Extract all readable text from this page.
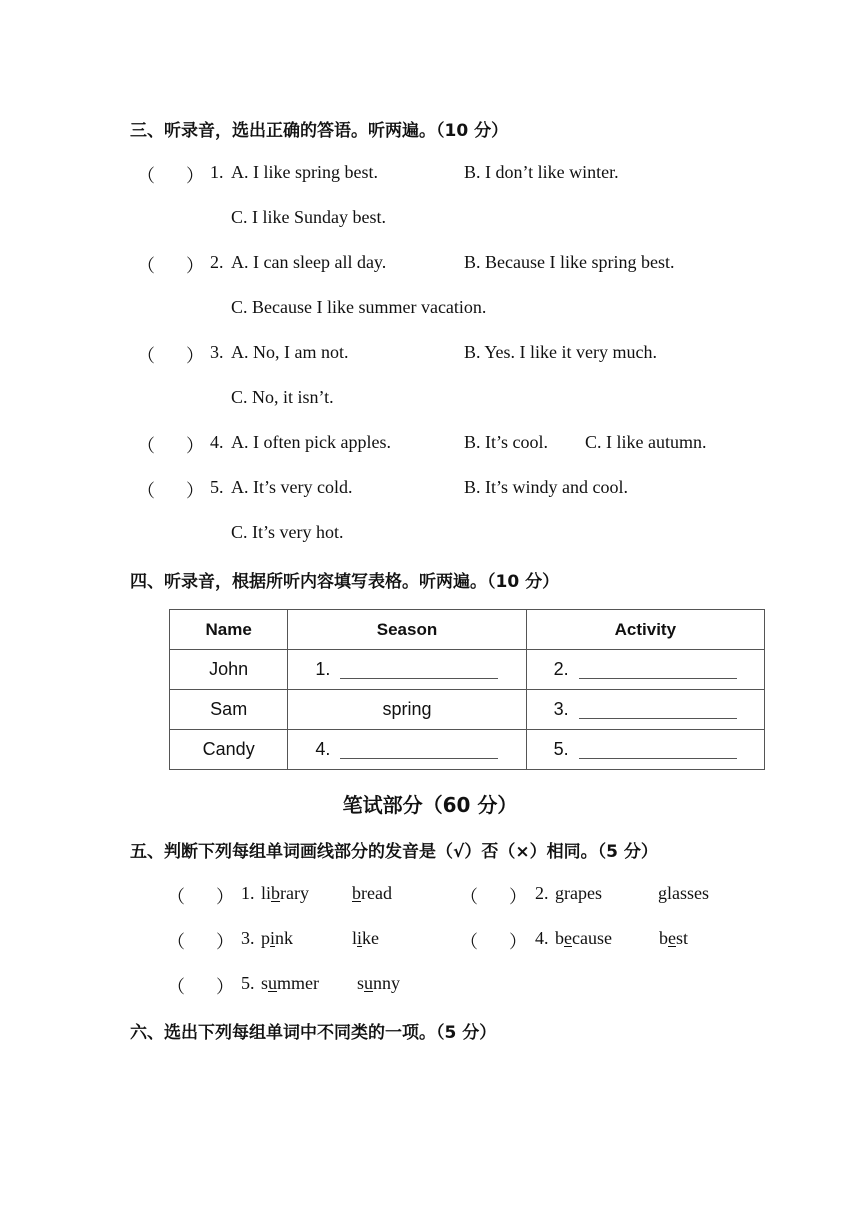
三、听录音，选出正确的答语。听两遍。（10 分）
（ ） 1. A. I like spring best.	B. I don’t like winter.
C. I like Sunday best.
（ ） 2. A. I can sleep all day.	B. Because I like spring best.
C. Because I like summer vacation.
（ ） 3. A. No, I am not.	B. Yes. I like it very much.
C. No, it isn’t.
（ ） 4. A. I often pick apples.	B. It’s cool. C. I like autumn.
（ ） 5. A. It’s very cold.	B. It’s windy and cool.
C. It’s very hot.
四、听录音，根据所听内容填写表格。听两遍。（10 分）
Name	Season	Activity
John	1.	2.
Sam	spring	3.
Candy	4.	5.
笔试部分（60 分）
五、判断下列每组单词画线部分的发音是（√）否（×）相同。（5 分）
（ ） 1. library bread	（ ） 2. grapes	glasses
（ ） 3. pink	like	（ ） 4. because	best
（ ） 5. summer sunny
六、选出下列每组单词中不同类的一项。（5 分）
